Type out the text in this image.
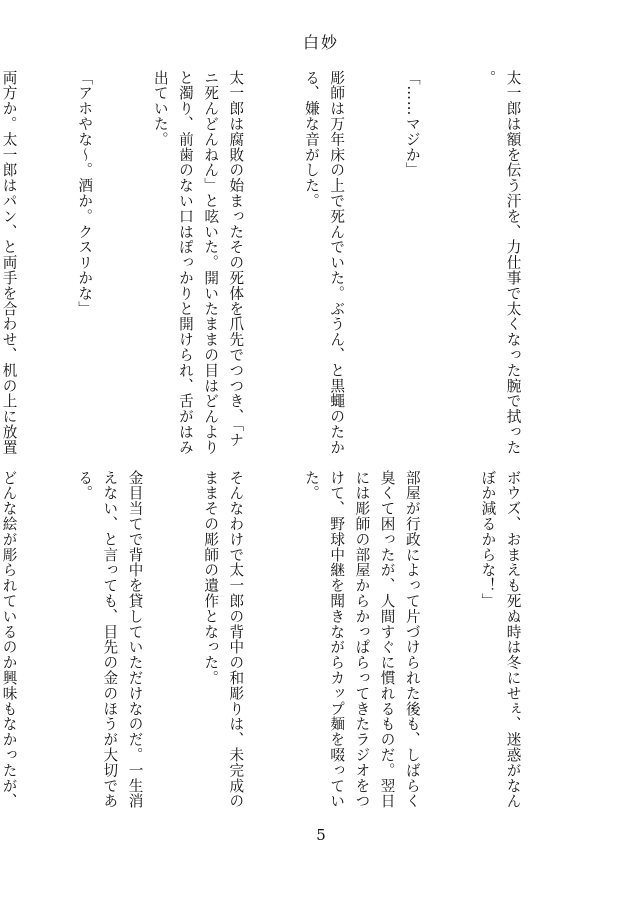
白妙

太一郎は額を伝う汗を、力仕事で太くなった腕で拭った
。

「……マジか」

彫師は万年床の上で死んでいた。ぶうん、と黒蠅のたか
る、嫌な音がした。

太一郎は腐敗の始まったその死体を爪先でつつき、「ナ
ニ死んどんねん」と呟いた。開いたままの目はどんより
と濁り、前歯のない口はぽっかりと開けられ、舌がはみ
出ていた。

「アホやな〜。酒か。クスリかな」

両方か。太一郎はパン、と両手を合わせ、机の上に放置

ボウズ、おまえも死ぬ時は冬にせぇ、迷惑がなん
ぼか減るからな！」

部屋が行政によって片づけられた後も、しばらく
臭くて困ったが、人間すぐに慣れるものだ。翌日
には彫師の部屋からかっぱらってきたラジオをつ
けて、野球中継を聞きながらカップ麺を啜ってい
た。

そんなわけで太一郎の背中の和彫りは、未完成の
ままその彫師の遺作となった。

金目当てで背中を貸していただけなのだ。一生消
えない、と言っても、目先の金のほうが大切であ
る。

どんな絵が彫られているのか興味もなかったが、

5
